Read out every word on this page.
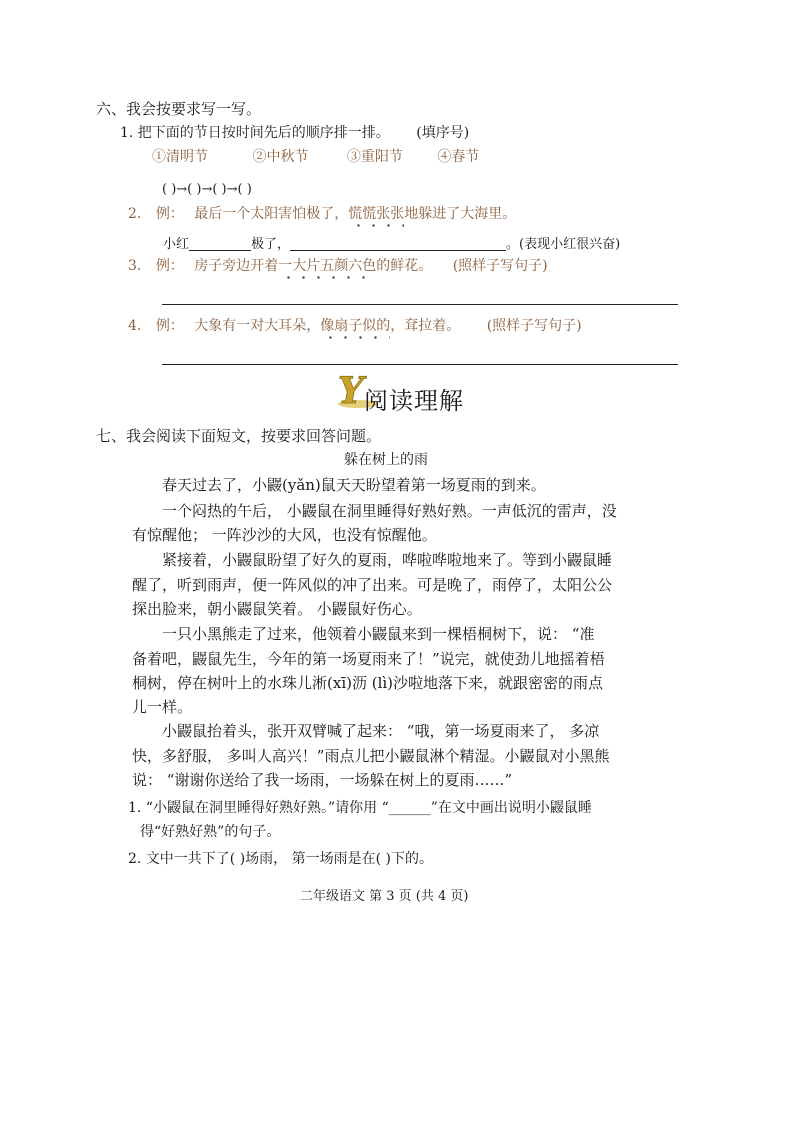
六、我会按要求写一写。
1. 把下面的节日按时间先后的顺序排一排。 (填序号)
①清明节	②中秋节	③重阳节 ④春节
( )→( )→( )→( )
2. 例： 最后一个太阳害怕极了，慌慌张张地躲进了大海里。
小红	极了，	。(表现小红很兴奋)
3. 例： 房子旁边开着一大片五颜六色的鲜花。 (照样子写句子)
4. 例： 大象有一对大耳朵，像扇子似的，耷拉着。 (照样子写句子)
Y 阅读理解
七、我会阅读下面短文，按要求回答问题。
躲在树上的雨
春天过去了，小鼹(yǎn)鼠天天盼望着第一场夏雨的到来。
一个闷热的午后， 小鼹鼠在洞里睡得好熟好熟。一声低沉的雷声，没
有惊醒他； 一阵沙沙的大风，也没有惊醒他。
紧接着，小鼹鼠盼望了好久的夏雨，哗啦哗啦地来了。等到小鼹鼠睡
醒了，听到雨声，便一阵风似的冲了出来。可是晚了，雨停了，太阳公公
探出脸来，朝小鼹鼠笑着。 小鼹鼠好伤心。
一只小黑熊走了过来，他领着小鼹鼠来到一棵梧桐树下，说： “准
备着吧，鼹鼠先生，今年的第一场夏雨来了！”说完，就使劲儿地摇着梧
桐树，停在树叶上的水珠儿淅(xī)沥 (lì)沙啦地落下来，就跟密密的雨点
儿一样。
小鼹鼠抬着头，张开双臂喊了起来： “哦，第一场夏雨来了， 多凉
快，多舒服， 多叫人高兴！”雨点儿把小鼹鼠淋个精湿。小鼹鼠对小黑熊
说： “谢谢你送给了我一场雨，一场躲在树上的夏雨……”
1. “小鼹鼠在洞里睡得好熟好熟。”请你用 “______”在文中画出说明小鼹鼠睡
得“好熟好熟”的句子。
2. 文中一共下了( )场雨， 第一场雨是在( )下的。
二年级语文 第 3 页 (共 4 页)
